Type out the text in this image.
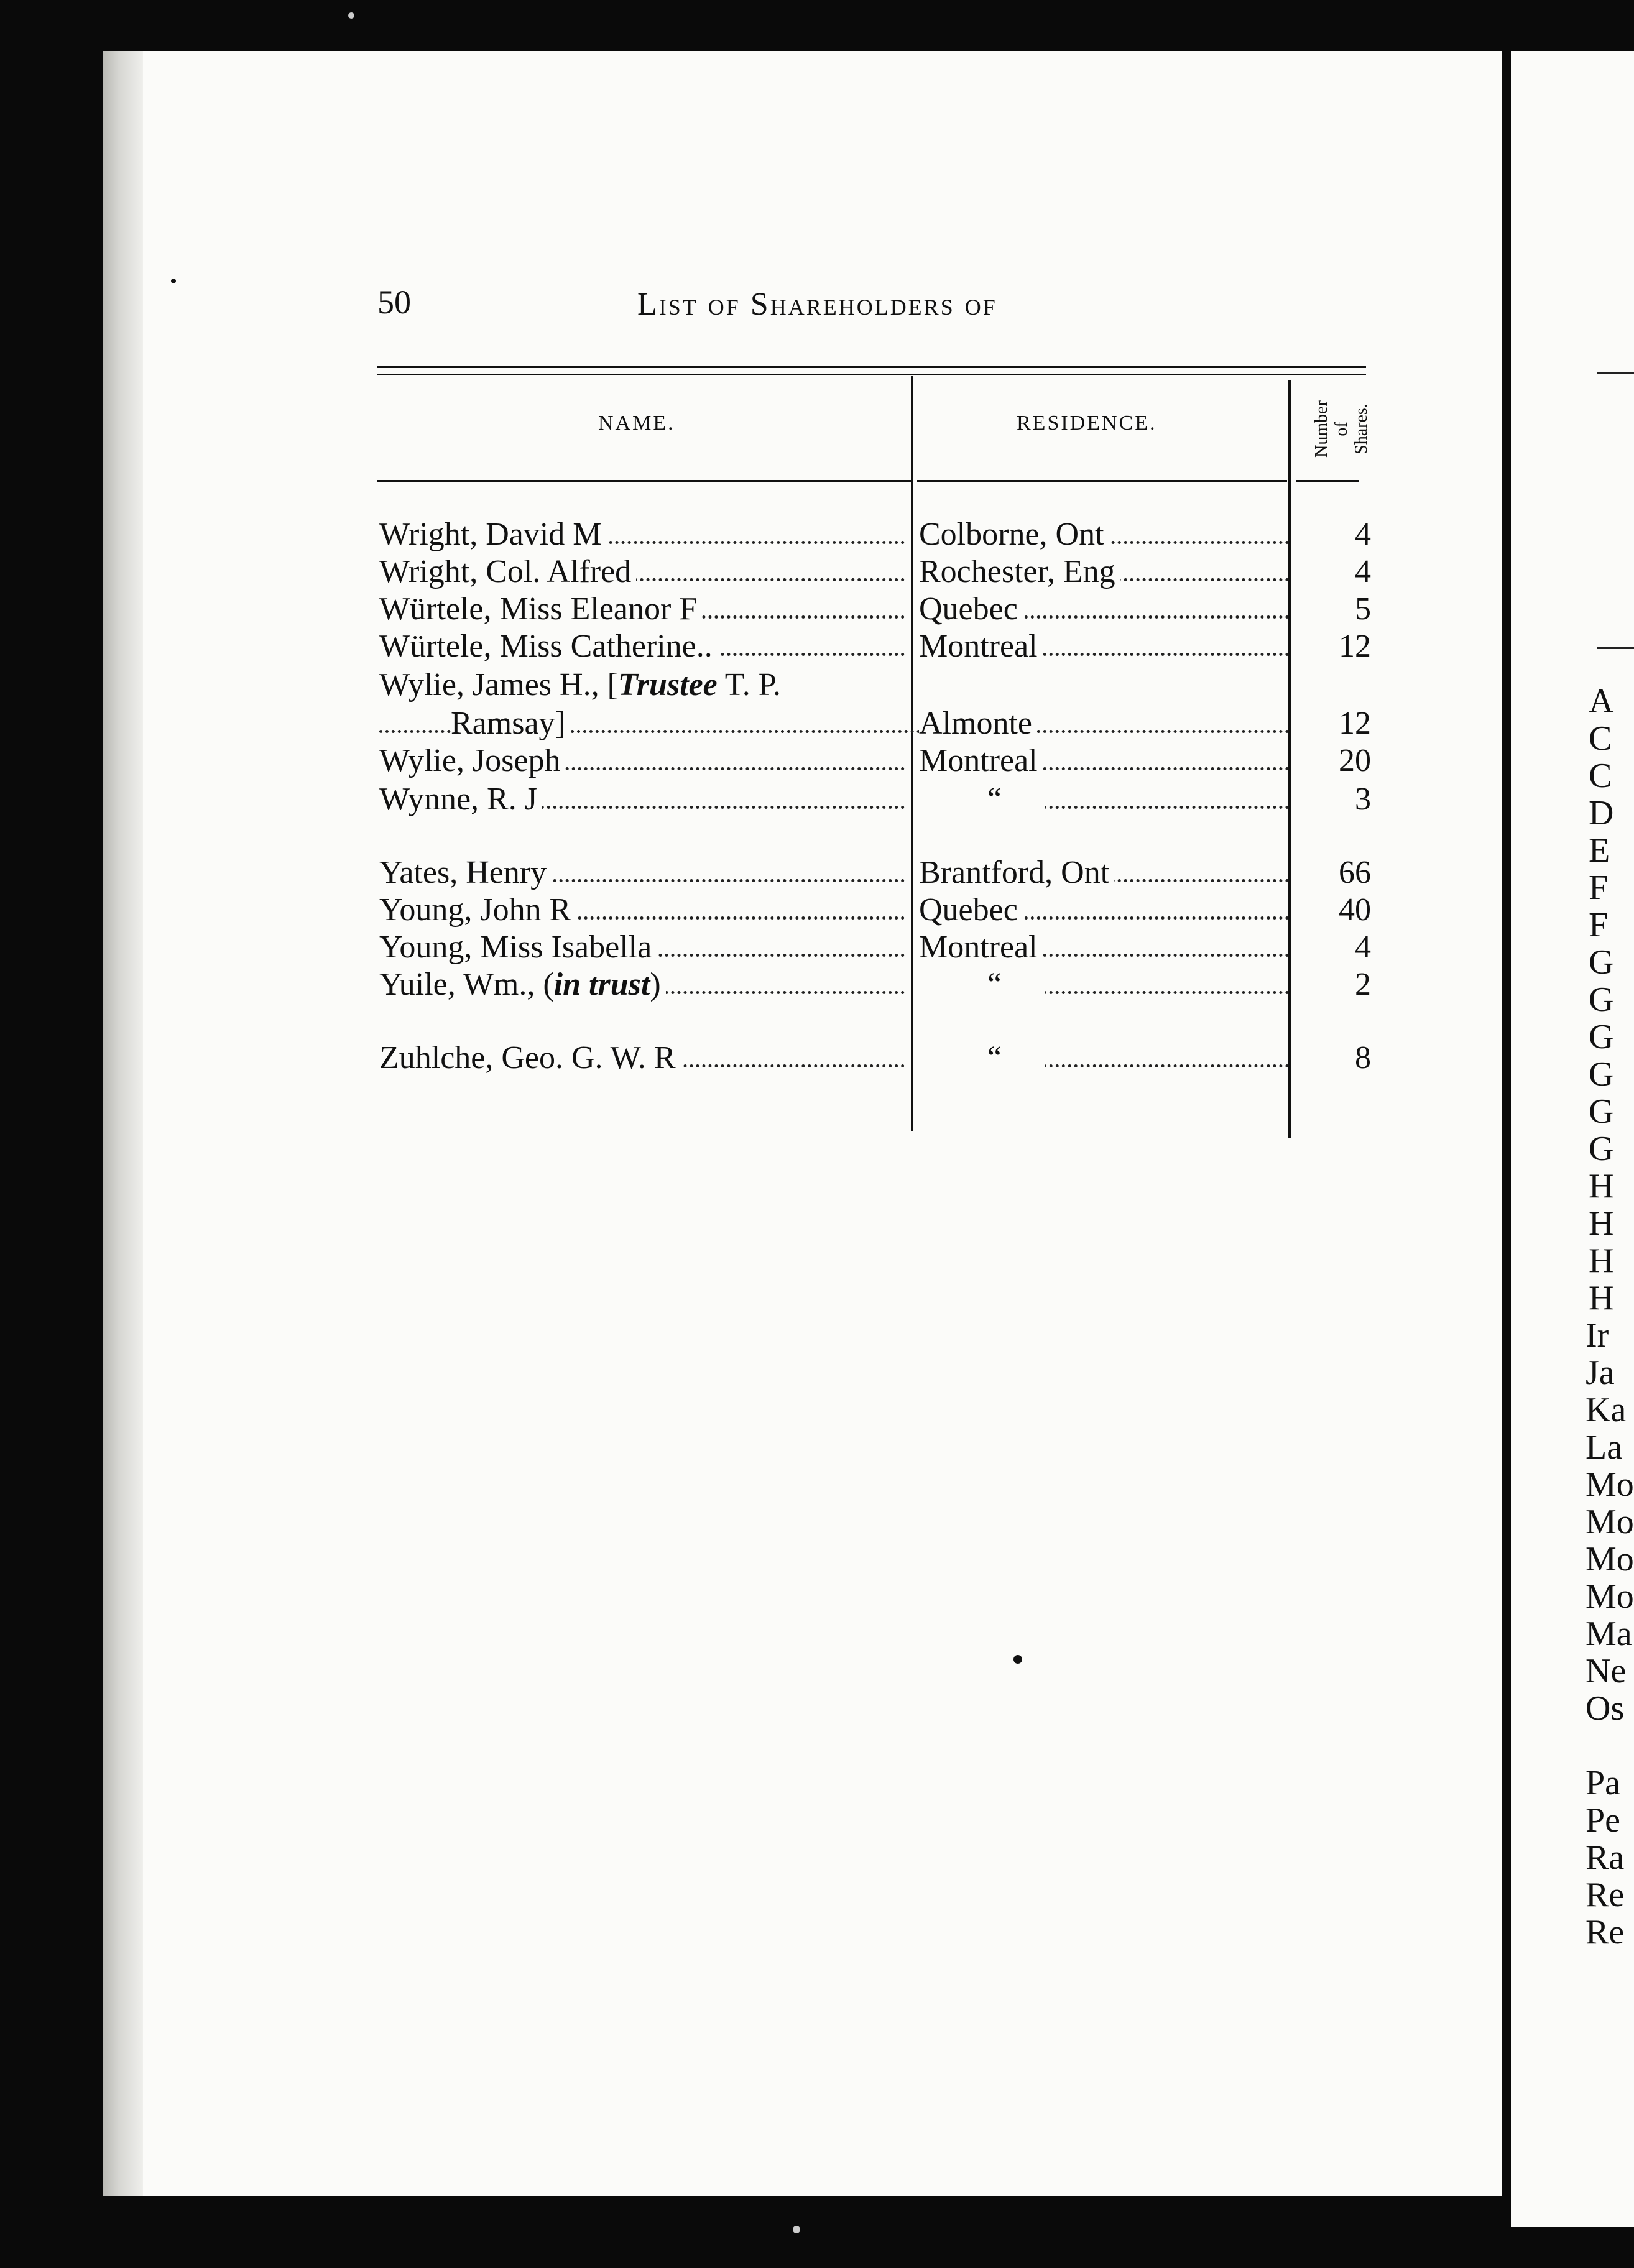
A
C
C
D
E
F
F
G
G
G
G
G
G
H
H
H
H
Ir
Ja
Ka
La
Mo
Mo
Mo
Mo
Ma
Ne
Os
Pa
Pe
Ra
Re
Re
50	List of Shareholders of
NAME.	RESIDENCE.	Number of Shares.
Wright, David M	Colborne, Ont	4
Wright, Col. Alfred	Rochester, Eng	4
Würtele, Miss Eleanor F	Quebec	5
Würtele, Miss Catherine..	Montreal	12
Wylie, James H., [Trustee T. P.
Ramsay]	Almonte	12
Wylie, Joseph	Montreal	20
Wynne, R. J	“	3
Yates, Henry	Brantford, Ont	66
Young, John R	Quebec	40
Young, Miss Isabella	Montreal	4
Yuile, Wm., (in trust)	“	2
Zuhlche, Geo. G. W. R	“	8
